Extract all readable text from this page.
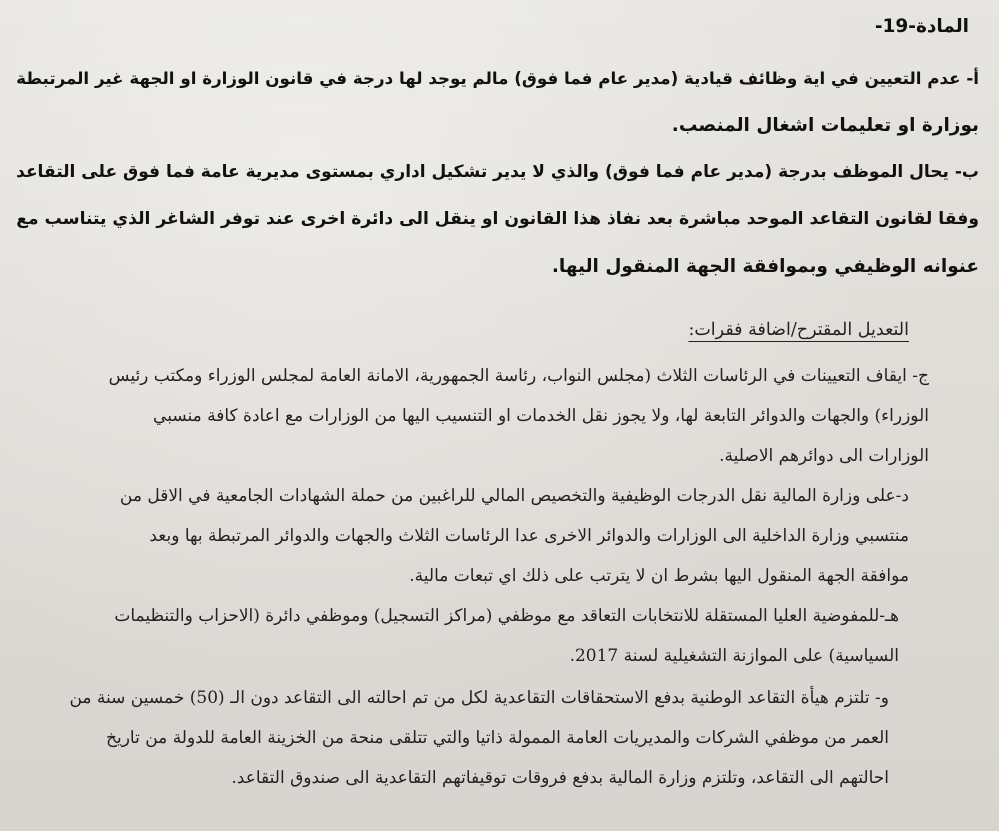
المادة-19-
أ- عدم التعيين في اية وظائف قيادية (مدير عام فما فوق) مالم يوجد لها درجة في قانون الوزارة او الجهة غير المرتبطة
بوزارة او تعليمات اشغال المنصب.
ب- يحال الموظف بدرجة (مدير عام فما فوق) والذي لا يدير تشكيل اداري بمستوى مديرية عامة فما فوق على التقاعد
وفقا لقانون التقاعد الموحد مباشرة بعد نفاذ هذا القانون او ينقل الى دائرة اخرى عند توفر الشاغر الذي يتناسب مع
عنوانه الوظيفي وبموافقة الجهة المنقول اليها.
التعديل المقترح/اضافة فقرات:
ج- ايقاف التعيينات في الرئاسات الثلاث (مجلس النواب، رئاسة الجمهورية، الامانة العامة لمجلس الوزراء ومكتب رئيس
الوزراء) والجهات والدوائر التابعة لها، ولا يجوز نقل الخدمات او التنسيب اليها من الوزارات مع اعادة كافة منسبي
الوزارات الى دوائرهم الاصلية.
د-على وزارة المالية نقل الدرجات الوظيفية والتخصيص المالي للراغبين من حملة الشهادات الجامعية في الاقل من
منتسبي وزارة الداخلية الى الوزارات والدوائر الاخرى عدا الرئاسات الثلاث والجهات والدوائر المرتبطة بها وبعد
موافقة الجهة المنقول اليها بشرط ان لا يترتب على ذلك اي تبعات مالية.
هـ-للمفوضية العليا المستقلة للانتخابات التعاقد مع موظفي (مراكز التسجيل) وموظفي دائرة (الاحزاب والتنظيمات
السياسية) على الموازنة التشغيلية لسنة 2017.
و- تلتزم هيأة التقاعد الوطنية بدفع الاستحقاقات التقاعدية لكل من تم احالته الى التقاعد دون الـ (50) خمسين سنة من
العمر من موظفي الشركات والمديريات العامة الممولة ذاتيا والتي تتلقى منحة من الخزينة العامة للدولة من تاريخ
احالتهم الى التقاعد، وتلتزم وزارة المالية بدفع فروقات توقيفاتهم التقاعدية الى صندوق التقاعد.
